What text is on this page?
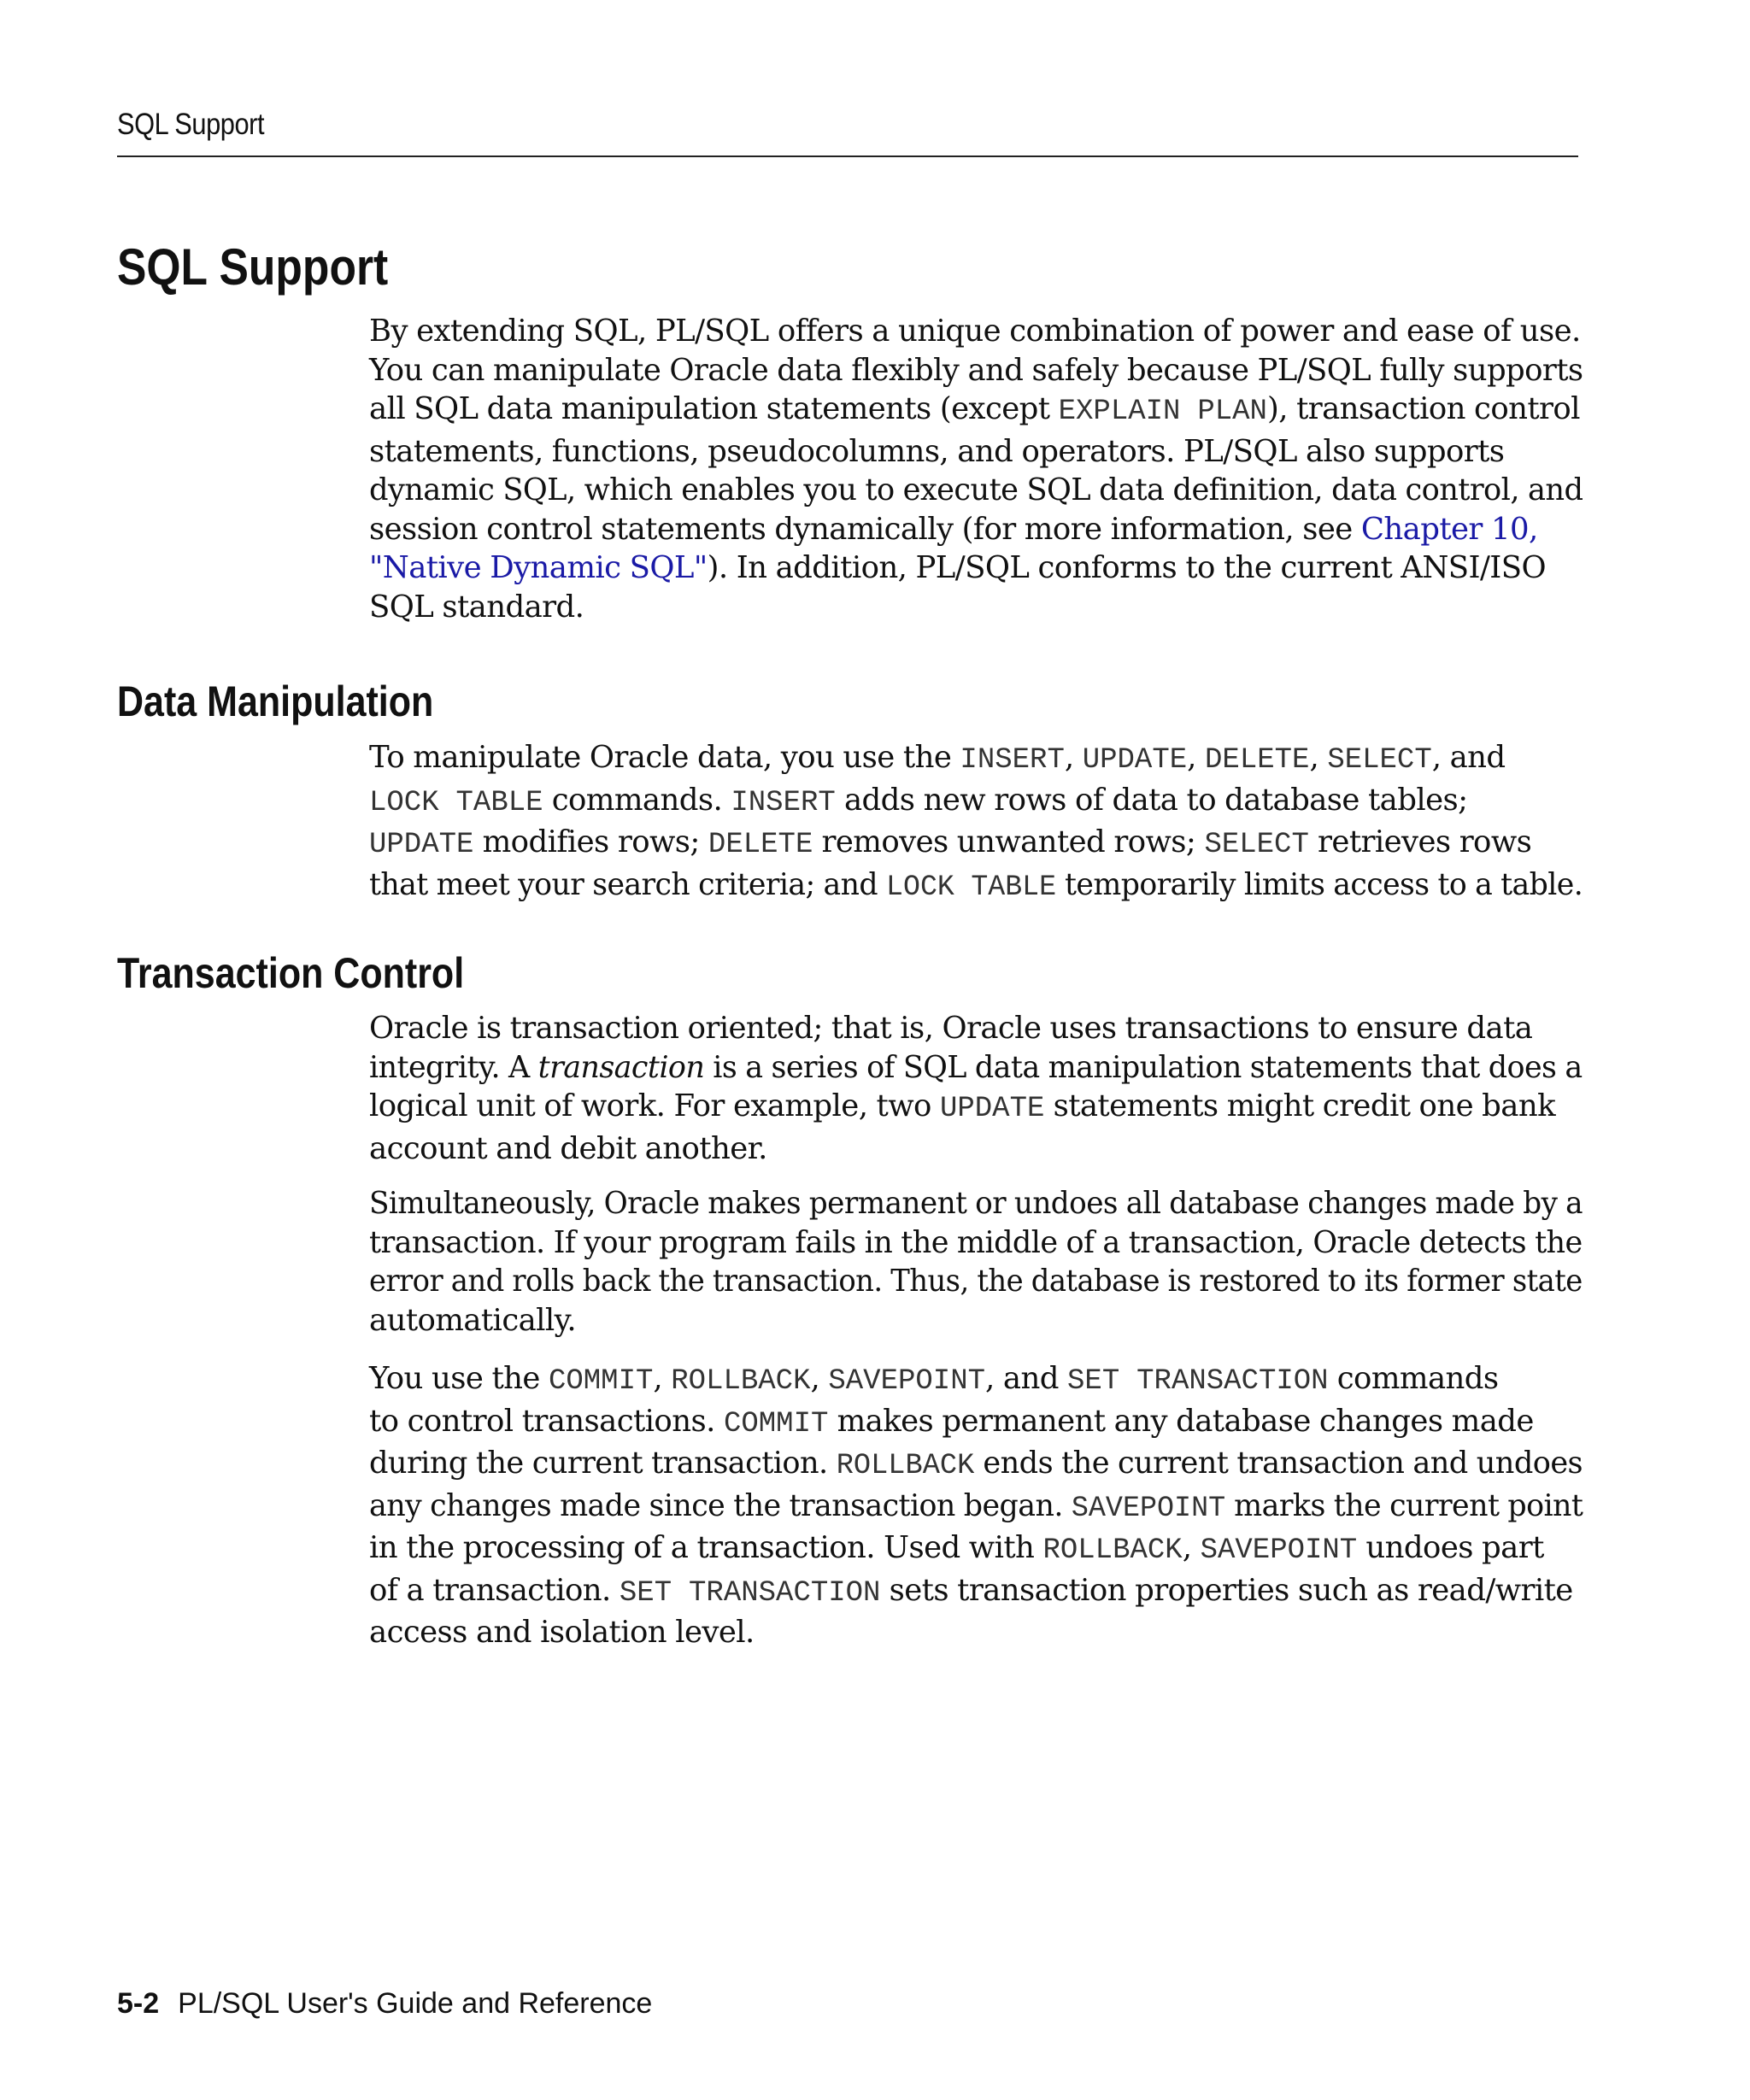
SQL Support
SQL Support
By extending SQL, PL/SQL offers a unique combination of power and ease of use.
You can manipulate Oracle data flexibly and safely because PL/SQL fully supports
all SQL data manipulation statements (except EXPLAIN PLAN), transaction control
statements, functions, pseudocolumns, and operators. PL/SQL also supports
dynamic SQL, which enables you to execute SQL data definition, data control, and
session control statements dynamically (for more information, see Chapter 10,
"Native Dynamic SQL"). In addition, PL/SQL conforms to the current ANSI/ISO
SQL standard.
Data Manipulation
To manipulate Oracle data, you use the INSERT, UPDATE, DELETE, SELECT, and
LOCK TABLE commands. INSERT adds new rows of data to database tables;
UPDATE modifies rows; DELETE removes unwanted rows; SELECT retrieves rows
that meet your search criteria; and LOCK TABLE temporarily limits access to a table.
Transaction Control
Oracle is transaction oriented; that is, Oracle uses transactions to ensure data
integrity. A transaction is a series of SQL data manipulation statements that does a
logical unit of work. For example, two UPDATE statements might credit one bank
account and debit another.
Simultaneously, Oracle makes permanent or undoes all database changes made by a
transaction. If your program fails in the middle of a transaction, Oracle detects the
error and rolls back the transaction. Thus, the database is restored to its former state
automatically.
You use the COMMIT, ROLLBACK, SAVEPOINT, and SET TRANSACTION commands
to control transactions. COMMIT makes permanent any database changes made
during the current transaction. ROLLBACK ends the current transaction and undoes
any changes made since the transaction began. SAVEPOINT marks the current point
in the processing of a transaction. Used with ROLLBACK, SAVEPOINT undoes part
of a transaction. SET TRANSACTION sets transaction properties such as read/write
access and isolation level.
5-2 PL/SQL User's Guide and Reference
